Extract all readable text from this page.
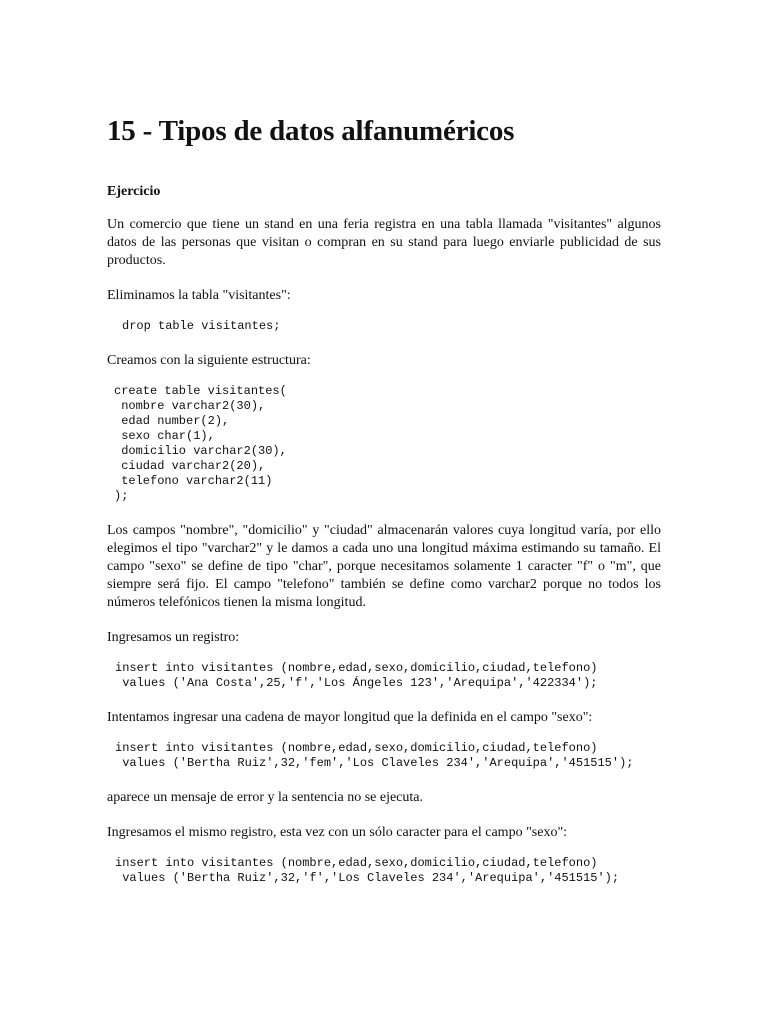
15 - Tipos de datos alfanuméricos
Ejercicio

Un comercio que tiene un stand en una feria registra en una tabla llamada "visitantes" algunos datos de las personas que visitan o compran en su stand para luego enviarle publicidad de sus productos.

Eliminamos la tabla "visitantes":

drop table visitantes;

Creamos con la siguiente estructura:

create table visitantes(
nombre varchar2(30),
edad number(2),
sexo char(1),
domicilio varchar2(30),
ciudad varchar2(20),
telefono varchar2(11)
);

Los campos "nombre", "domicilio" y "ciudad" almacenarán valores cuya longitud varía, por ello elegimos el tipo "varchar2" y le damos a cada uno una longitud máxima estimando su tamaño. El campo "sexo" se define de tipo "char", porque necesitamos solamente 1 caracter "f" o "m", que siempre será fijo. El campo "telefono" también se define como varchar2 porque no todos los números telefónicos tienen la misma longitud.

Ingresamos un registro:

insert into visitantes (nombre,edad,sexo,domicilio,ciudad,telefono)
values ('Ana Costa',25,'f','Los Ángeles 123','Arequipa','422334');

Intentamos ingresar una cadena de mayor longitud que la definida en el campo "sexo":

insert into visitantes (nombre,edad,sexo,domicilio,ciudad,telefono)
values ('Bertha Ruiz',32,'fem','Los Claveles 234','Arequipa','451515');

aparece un mensaje de error y la sentencia no se ejecuta.

Ingresamos el mismo registro, esta vez con un sólo caracter para el campo "sexo":

insert into visitantes (nombre,edad,sexo,domicilio,ciudad,telefono)
values ('Bertha Ruiz',32,'f','Los Claveles 234','Arequipa','451515');
